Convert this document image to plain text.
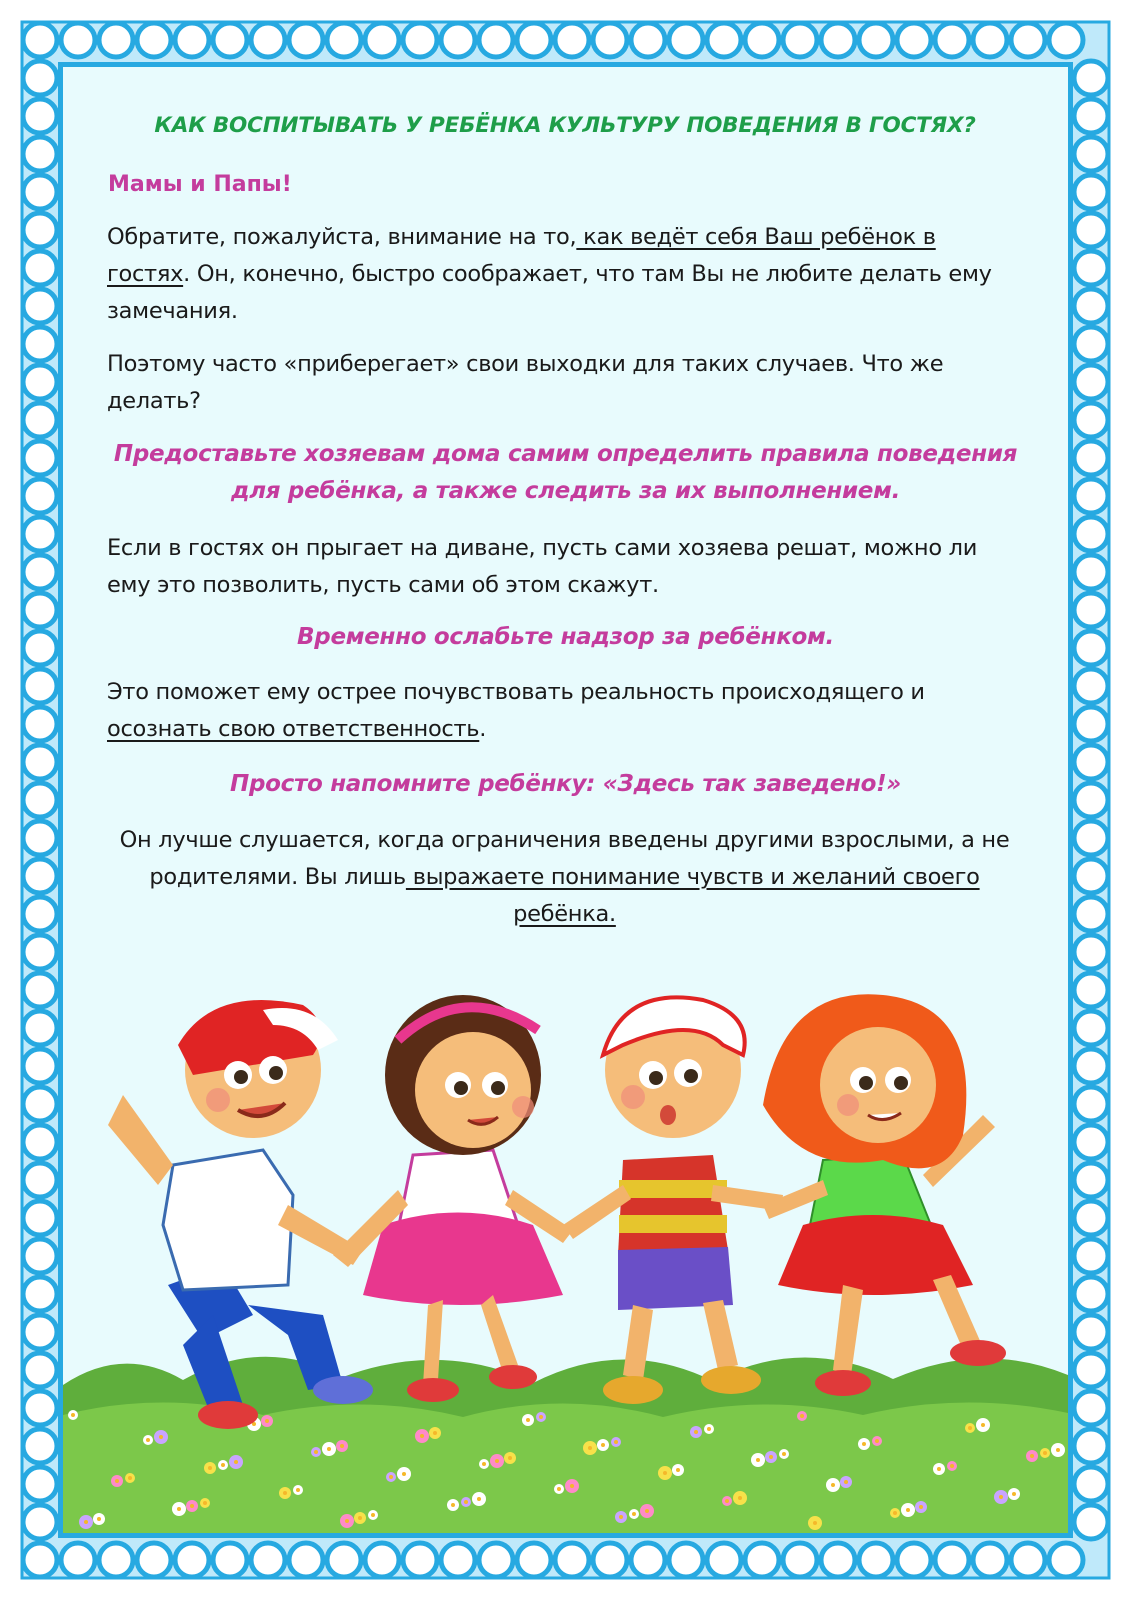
КАК ВОСПИТЫВАТЬ У РЕБЁНКА КУЛЬТУРУ ПОВЕДЕНИЯ В ГОСТЯХ?
Мамы и Папы!
Обратите, пожалуйста, внимание на то, как ведёт себя Ваш ребёнок в гостях. Он, конечно, быстро соображает, что там Вы не любите делать ему замечания.
Поэтому часто «приберегает» свои выходки для таких случаев. Что же делать?
Предоставьте хозяевам дома самим определить правила поведения для ребёнка, а также следить за их выполнением.
Если в гостях он прыгает на диване, пусть сами хозяева решат, можно ли ему это позволить, пусть сами об этом скажут.
Временно ослабьте надзор за ребёнком.
Это поможет ему острее почувствовать реальность происходящего и осознать свою ответственность.
Просто напомните ребёнку: «Здесь так заведено!»
Он лучше слушается, когда ограничения введены другими взрослыми, а не родителями. Вы лишь выражаете понимание чувств и желаний своего ребёнка.
